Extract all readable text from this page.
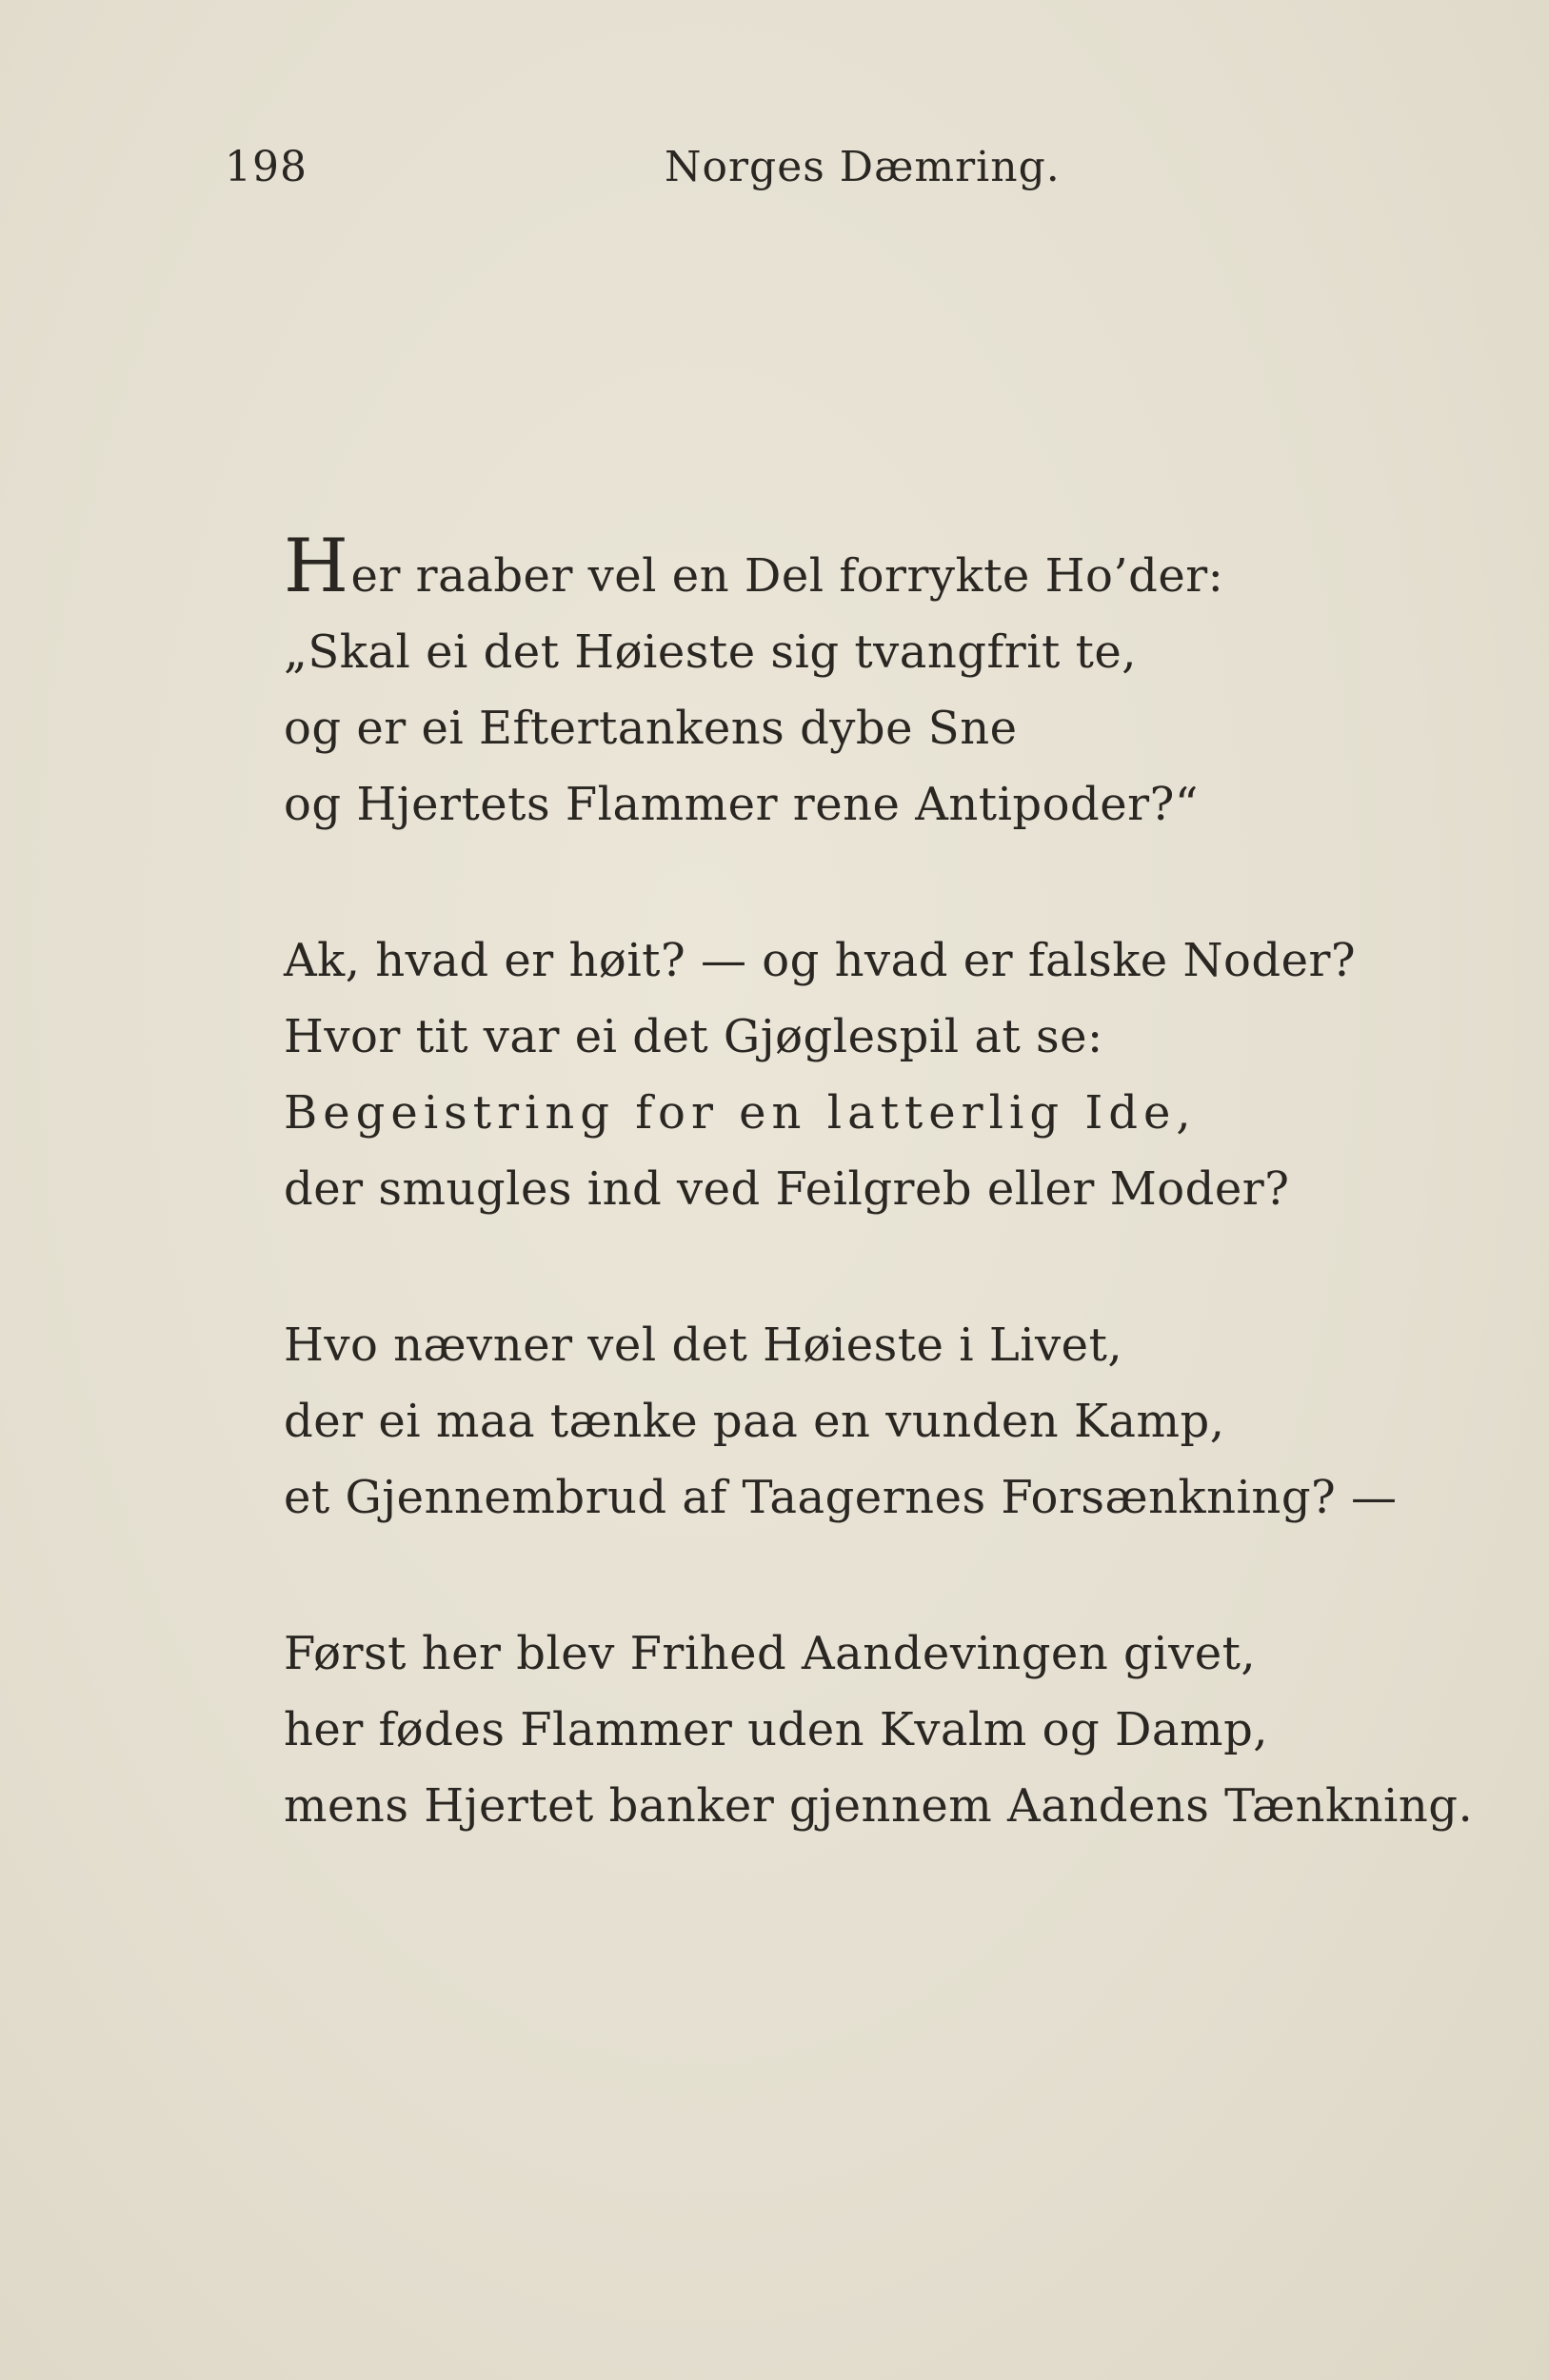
198	Norges Dæmring.
Her raaber vel en Del forrykte Ho’der:
„Skal ei det Høieste sig tvangfrit te,
og er ei Eftertankens dybe Sne
og Hjertets Flammer rene Antipoder?“
Ak, hvad er høit? — og hvad er falske Noder?
Hvor tit var ei det Gjøglespil at se:
Begeistring for en latterlig Ide,
der smugles ind ved Feilgreb eller Moder?
Hvo nævner vel det Høieste i Livet,
der ei maa tænke paa en vunden Kamp,
et Gjennembrud af Taagernes Forsænkning? —
Først her blev Frihed Aandevingen givet,
her fødes Flammer uden Kvalm og Damp,
mens Hjertet banker gjennem Aandens Tænkning.
